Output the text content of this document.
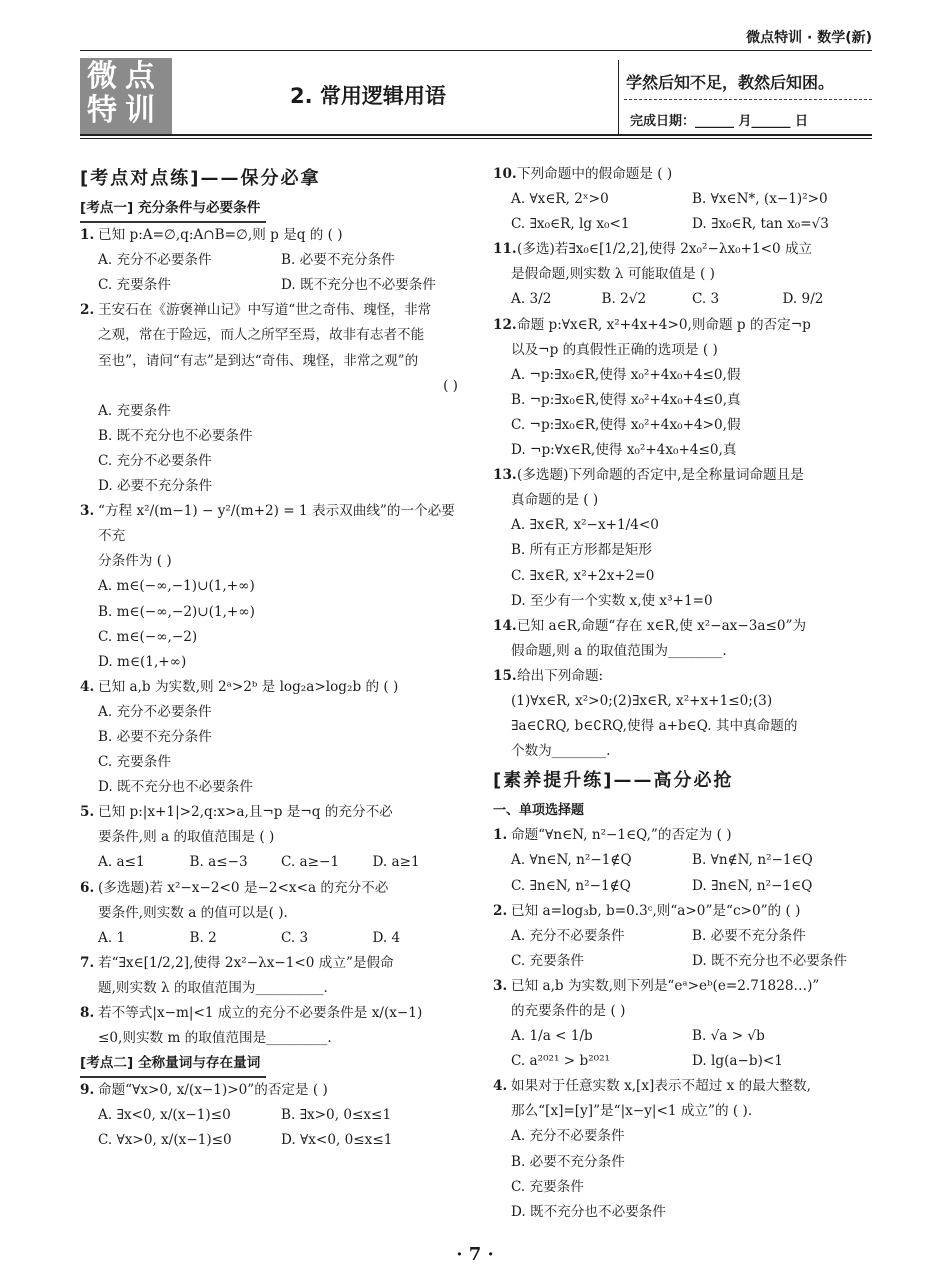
微点特训 · 数学(新)
微点
特训	2. 常用逻辑用语
学然后知不足，教然后知困。
完成日期：______ 月______ 日
[考点对点练]——保分必拿
[考点一] 充分条件与必要条件
1. 已知 p:A=∅,q:A∩B=∅,则 p 是q 的 ( )
A. 充分不必要条件	B. 必要不充分条件
C. 充要条件	D. 既不充分也不必要条件
2. 王安石在《游褒禅山记》中写道“世之奇伟、瑰怪，非常
之观，常在于险远，而人之所罕至焉，故非有志者不能
至也”，请问“有志”是到达“奇伟、瑰怪，非常之观”的
( )
A. 充要条件
B. 既不充分也不必要条件
C. 充分不必要条件
D. 必要不充分条件
3. “方程 x²/(m−1) − y²/(m+2) = 1 表示双曲线”的一个必要不充
分条件为 ( )
A. m∈(−∞,−1)∪(1,+∞)
B. m∈(−∞,−2)∪(1,+∞)
C. m∈(−∞,−2)
D. m∈(1,+∞)
4. 已知 a,b 为实数,则 2ᵃ>2ᵇ 是 log₂a>log₂b 的 ( )
A. 充分不必要条件
B. 必要不充分条件
C. 充要条件
D. 既不充分也不必要条件
5. 已知 p:|x+1|>2,q:x>a,且¬p 是¬q 的充分不必
要条件,则 a 的取值范围是 ( )
A. a≤1	B. a≤−3	C. a≥−1	D. a≥1
6. (多选题)若 x²−x−2<0 是−2<x<a 的充分不必
要条件,则实数 a 的值可以是( ).
A. 1	B. 2	C. 3	D. 4
7. 若“∃x∈[1/2,2],使得 2x²−λx−1<0 成立”是假命
题,则实数 λ 的取值范围为__________.
8. 若不等式|x−m|<1 成立的充分不必要条件是 x/(x−1)
≤0,则实数 m 的取值范围是_________.
[考点二] 全称量词与存在量词
9. 命题“∀x>0, x/(x−1)>0”的否定是 ( )
A. ∃x<0, x/(x−1)≤0	B. ∃x>0, 0≤x≤1
C. ∀x>0, x/(x−1)≤0	D. ∀x<0, 0≤x≤1
10. 下列命题中的假命题是 ( )
A. ∀x∈R, 2ˣ>0	B. ∀x∈N*, (x−1)²>0
C. ∃x₀∈R, lg x₀<1	D. ∃x₀∈R, tan x₀=√3
11. (多选)若∃x₀∈[1/2,2],使得 2x₀²−λx₀+1<0 成立
是假命题,则实数 λ 可能取值是 ( )
A. 3/2	B. 2√2	C. 3	D. 9/2
12. 命题 p:∀x∈R, x²+4x+4>0,则命题 p 的否定¬p
以及¬p 的真假性正确的选项是 ( )
A. ¬p:∃x₀∈R,使得 x₀²+4x₀+4≤0,假
B. ¬p:∃x₀∈R,使得 x₀²+4x₀+4≤0,真
C. ¬p:∃x₀∈R,使得 x₀²+4x₀+4>0,假
D. ¬p:∀x∈R,使得 x₀²+4x₀+4≤0,真
13. (多选题)下列命题的否定中,是全称量词命题且是
真命题的是 ( )
A. ∃x∈R, x²−x+1/4<0
B. 所有正方形都是矩形
C. ∃x∈R, x²+2x+2=0
D. 至少有一个实数 x,使 x³+1=0
14. 已知 a∈R,命题“存在 x∈R,使 x²−ax−3a≤0”为
假命题,则 a 的取值范围为________.
15. 给出下列命题:
(1)∀x∈R, x²>0;(2)∃x∈R, x²+x+1≤0;(3)
∃a∈∁RQ, b∈∁RQ,使得 a+b∈Q. 其中真命题的
个数为________.
[素养提升练]——高分必抢
一、单项选择题
1. 命题“∀n∈N, n²−1∈Q,”的否定为 ( )
A. ∀n∈N, n²−1∉Q	B. ∀n∉N, n²−1∈Q
C. ∃n∈N, n²−1∉Q	D. ∃n∈N, n²−1∈Q
2. 已知 a=log₃b, b=0.3ᶜ,则“a>0”是“c>0”的 ( )
A. 充分不必要条件	B. 必要不充分条件
C. 充要条件	D. 既不充分也不必要条件
3. 已知 a,b 为实数,则下列是“eᵃ>eᵇ(e=2.71828…)”
的充要条件的是 ( )
A. 1/a < 1/b	B. √a > √b
C. a²⁰²¹ > b²⁰²¹	D. lg(a−b)<1
4. 如果对于任意实数 x,[x]表示不超过 x 的最大整数,
那么“[x]=[y]”是“|x−y|<1 成立”的 ( ).
A. 充分不必要条件
B. 必要不充分条件
C. 充要条件
D. 既不充分也不必要条件
· 7 ·
